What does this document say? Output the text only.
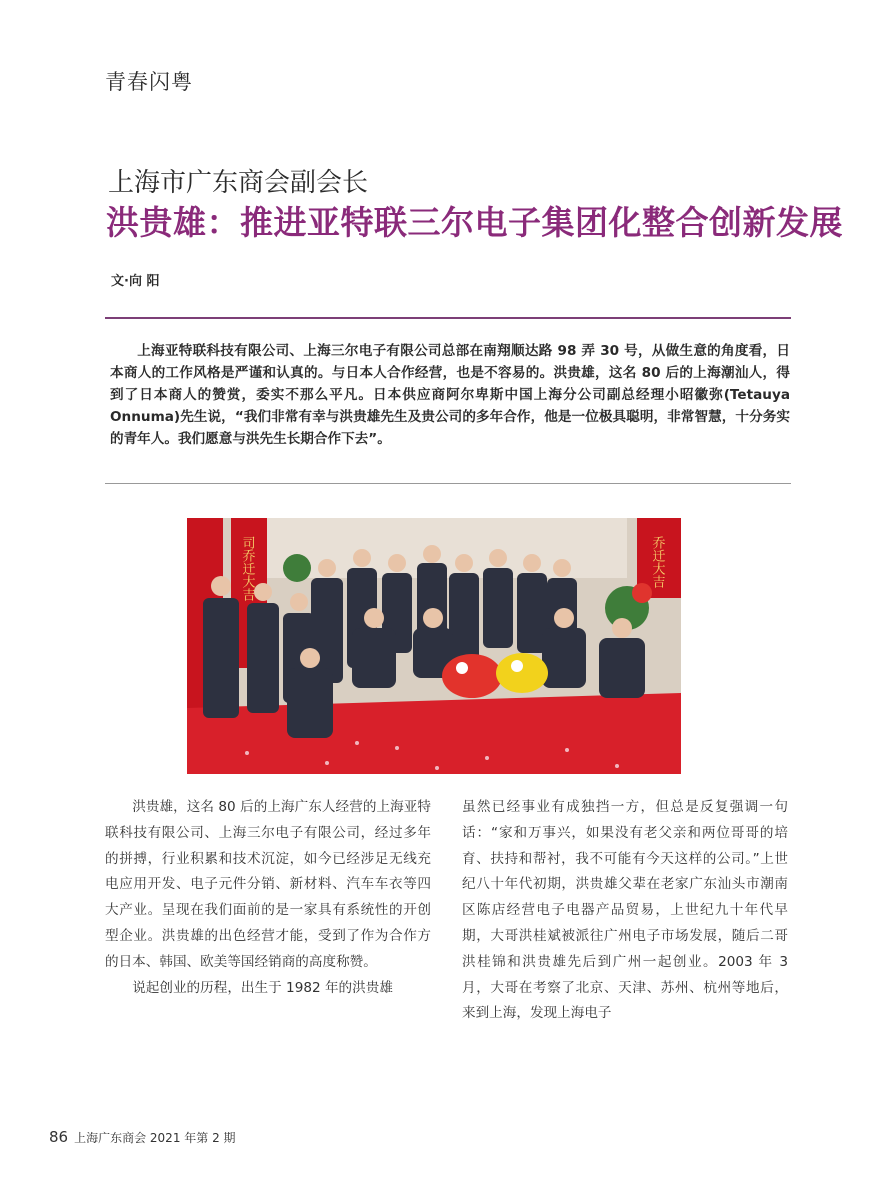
青春闪粤
上海市广东商会副会长
洪贵雄：推进亚特联三尔电子集团化整合创新发展
文·向 阳
上海亚特联科技有限公司、上海三尔电子有限公司总部在南翔顺达路 98 弄 30 号，从做生意的角度看，日本商人的工作风格是严谨和认真的。与日本人合作经营，也是不容易的。洪贵雄，这名 80 后的上海潮汕人，得到了日本商人的赞赏，委实不那么平凡。日本供应商阿尔卑斯中国上海分公司副总经理小昭徽弥(Tetauya Onnuma)先生说，“我们非常有幸与洪贵雄先生及贵公司的多年合作，他是一位极具聪明，非常智慧，十分务实的青年人。我们愿意与洪先生长期合作下去”。
司乔迁大吉	乔迁大吉

洪贵雄，这名 80 后的上海广东人经营的上海亚特联科技有限公司、上海三尔电子有限公司，经过多年的拼搏，行业积累和技术沉淀，如今已经涉足无线充电应用开发、电子元件分销、新材料、汽车车衣等四大产业。呈现在我们面前的是一家具有系统性的开创型企业。洪贵雄的出色经营才能，受到了作为合作方的日本、韩国、欧美等国经销商的高度称赞。

说起创业的历程，出生于 1982 年的洪贵雄

虽然已经事业有成独挡一方，但总是反复强调一句话：“家和万事兴，如果没有老父亲和两位哥哥的培育、扶持和帮衬，我不可能有今天这样的公司。”上世纪八十年代初期，洪贵雄父辈在老家广东汕头市潮南区陈店经营电子电器产品贸易，上世纪九十年代早期，大哥洪桂斌被派往广州电子市场发展，随后二哥洪桂锦和洪贵雄先后到广州一起创业。2003 年 3 月，大哥在考察了北京、天津、苏州、杭州等地后，来到上海，发现上海电子

86 上海广东商会 2021 年第 2 期
